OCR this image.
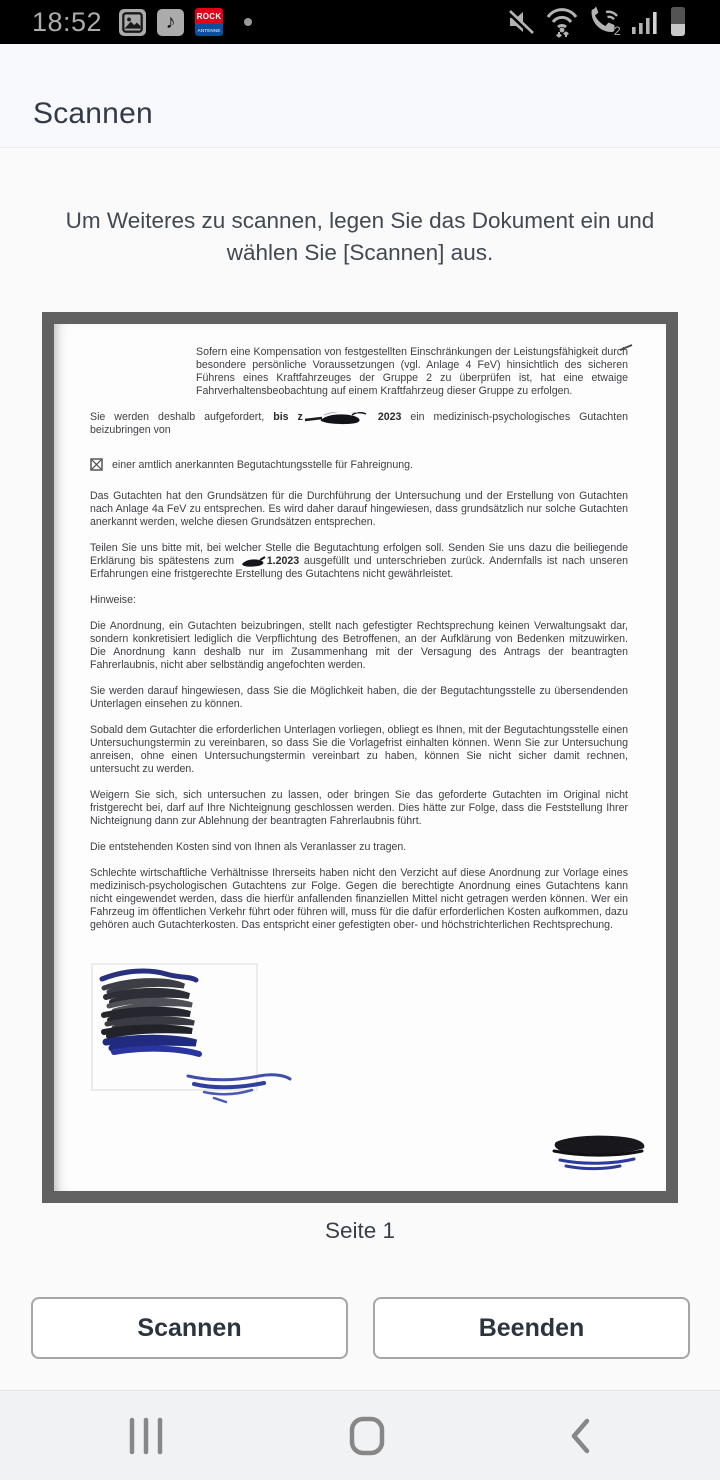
18:52	♪	ROCK
ANTENNE	2
Scannen

Um Weiteres zu scannen, legen Sie das Dokument ein und wählen Sie [Scannen] aus.

Sofern eine Kompensation von festgestellten Einschränkungen der Leistungsfähigkeit durch besondere persönliche Voraussetzungen (vgl. Anlage 4 FeV) hinsichtlich des sicheren Führens eines Kraftfahrzeuges der Gruppe 2 zu überprüfen ist, hat eine etwaige Fahrverhaltensbeobachtung auf einem Kraftfahrzeug dieser Gruppe zu erfolgen.

Sie werden deshalb aufgefordert, bis z	2023 ein medizinisch-psychologisches Gutachten beizubringen von

einer amtlich anerkannten Begutachtungsstelle für Fahreignung.

Das Gutachten hat den Grundsätzen für die Durchführung der Untersuchung und der Erstellung von Gutachten nach Anlage 4a FeV zu entsprechen. Es wird daher darauf hingewiesen, dass grundsätzlich nur solche Gutachten anerkannt werden, welche diesen Grundsätzen entsprechen.

Teilen Sie uns bitte mit, bei welcher Stelle die Begutachtung erfolgen soll. Senden Sie uns dazu die beiliegende Erklärung bis spätestens zum	1.2023 ausgefüllt und unterschrieben zurück. Andernfalls ist nach unseren Erfahrungen eine fristgerechte Erstellung des Gutachtens nicht gewährleistet.

Hinweise:

Die Anordnung, ein Gutachten beizubringen, stellt nach gefestigter Rechtsprechung keinen Verwaltungsakt dar, sondern konkretisiert lediglich die Verpflichtung des Betroffenen, an der Aufklärung von Bedenken mitzuwirken. Die Anordnung kann deshalb nur im Zusammenhang mit der Versagung des Antrags der beantragten Fahrerlaubnis, nicht aber selbständig angefochten werden.

Sie werden darauf hingewiesen, dass Sie die Möglichkeit haben, die der Begutachtungsstelle zu übersendenden Unterlagen einsehen zu können.

Sobald dem Gutachter die erforderlichen Unterlagen vorliegen, obliegt es Ihnen, mit der Begutachtungsstelle einen Untersuchungstermin zu vereinbaren, so dass Sie die Vorlagefrist einhalten können. Wenn Sie zur Untersuchung anreisen, ohne einen Untersuchungstermin vereinbart zu haben, können Sie nicht sicher damit rechnen, untersucht zu werden.

Weigern Sie sich, sich untersuchen zu lassen, oder bringen Sie das geforderte Gutachten im Original nicht fristgerecht bei, darf auf Ihre Nichteignung geschlossen werden. Dies hätte zur Folge, dass die Feststellung Ihrer Nichteignung dann zur Ablehnung der beantragten Fahrerlaubnis führt.

Die entstehenden Kosten sind von Ihnen als Veranlasser zu tragen.

Schlechte wirtschaftliche Verhältnisse Ihrerseits haben nicht den Verzicht auf diese Anordnung zur Vorlage eines medizinisch-psychologischen Gutachtens zur Folge. Gegen die berechtigte Anordnung eines Gutachtens kann nicht eingewendet werden, dass die hierfür anfallenden finanziellen Mittel nicht getragen werden können. Wer ein Fahrzeug im öffentlichen Verkehr führt oder führen will, muss für die dafür erforderlichen Kosten aufkommen, dazu gehören auch Gutachterkosten. Das entspricht einer gefestigten ober- und höchstrichterlichen Rechtsprechung.

Seite 1

Scannen	Beenden
